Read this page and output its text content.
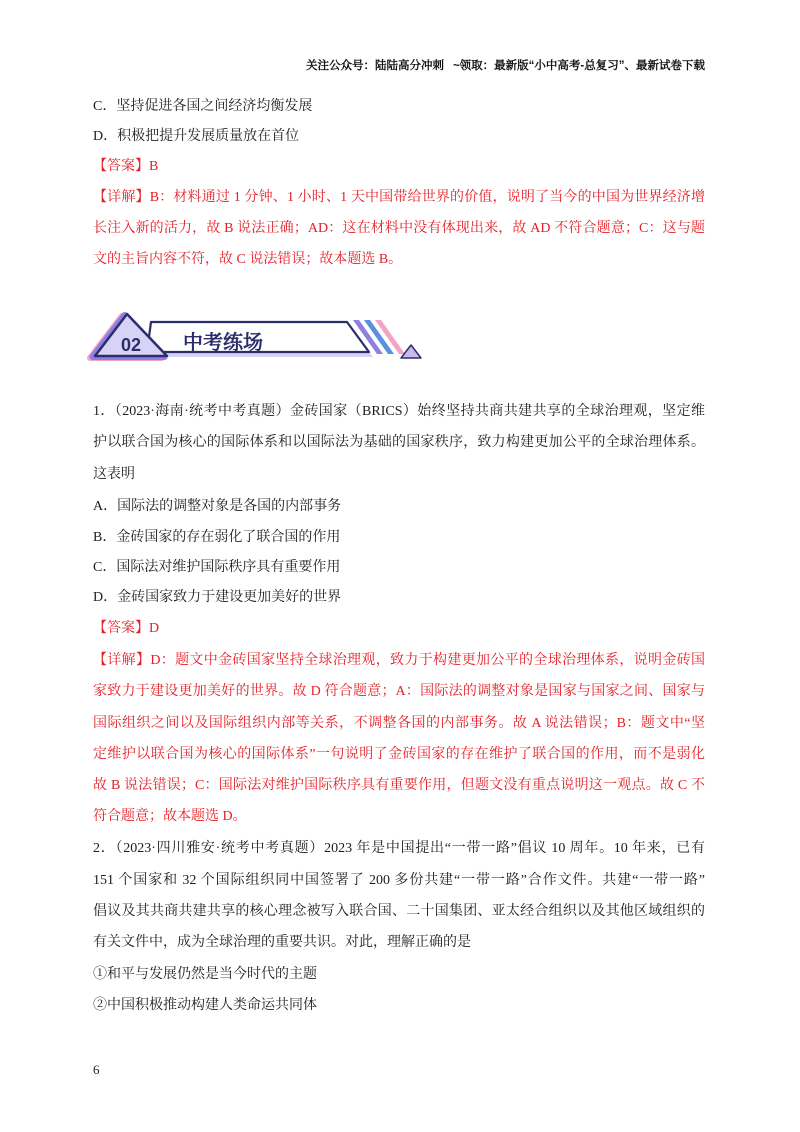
关注公众号：陆陆高分冲刺 ~领取：最新版“小中高考-总复习”、最新试卷下载
C．坚持促进各国之间经济均衡发展
D．积极把提升发展质量放在首位
【答案】B
【详解】B：材料通过 1 分钟、1 小时、1 天中国带给世界的价值，说明了当今的中国为世界经济增
长注入新的活力，故 B 说法正确；AD：这在材料中没有体现出来，故 AD 不符合题意；C：这与题
文的主旨内容不符，故 C 说法错误；故本题选 B。
中考练场
02
1．（2023·海南·统考中考真题）金砖国家（BRICS）始终坚持共商共建共享的全球治理观，坚定维
护以联合国为核心的国际体系和以国际法为基础的国家秩序，致力构建更加公平的全球治理体系。
这表明
A．国际法的调整对象是各国的内部事务
B．金砖国家的存在弱化了联合国的作用
C．国际法对维护国际秩序具有重要作用
D．金砖国家致力于建设更加美好的世界
【答案】D
【详解】D：题文中金砖国家坚持全球治理观，致力于构建更加公平的全球治理体系，说明金砖国
家致力于建设更加美好的世界。故 D 符合题意；A：国际法的调整对象是国家与国家之间、国家与
国际组织之间以及国际组织内部等关系，不调整各国的内部事务。故 A 说法错误；B：题文中“坚
定维护以联合国为核心的国际体系”一句说明了金砖国家的存在维护了联合国的作用，而不是弱化
故 B 说法错误；C：国际法对维护国际秩序具有重要作用，但题文没有重点说明这一观点。故 C 不
符合题意；故本题选 D。
2．（2023·四川雅安·统考中考真题）2023 年是中国提出“一带一路”倡议 10 周年。10 年来，已有
151 个国家和 32 个国际组织同中国签署了 200 多份共建“一带一路”合作文件。共建“一带一路”
倡议及其共商共建共享的核心理念被写入联合国、二十国集团、亚太经合组织以及其他区域组织的
有关文件中，成为全球治理的重要共识。对此，理解正确的是
①和平与发展仍然是当今时代的主题
②中国积极推动构建人类命运共同体
6
